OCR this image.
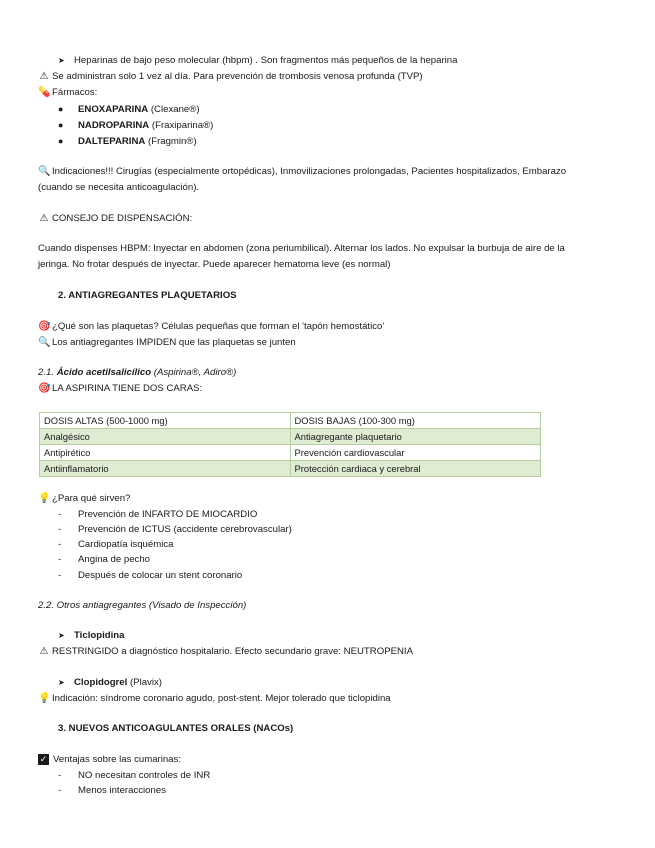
➤ Heparinas de bajo peso molecular (hbpm) . Son fragmentos más pequeños de la heparina
⚠ Se administran solo 1 vez al día. Para prevención de trombosis venosa profunda (TVP)
💊 Fármacos:
● ENOXAPARINA (Clexane®)
● NADROPARINA (Fraxiparina®)
● DALTEPARINA (Fragmin®)
🔍 Indicaciones!!! Cirugías (especialmente ortopédicas), Inmovilizaciones prolongadas, Pacientes hospitalizados, Embarazo
(cuando se necesita anticoagulación).
⚠ CONSEJO DE DISPENSACIÓN:
Cuando dispenses HBPM: Inyectar en abdomen (zona periumbilical). Alternar los lados. No expulsar la burbuja de aire de la
jeringa. No frotar después de inyectar. Puede aparecer hematoma leve (es normal)
2. ANTIAGREGANTES PLAQUETARIOS
🎯 ¿Qué son las plaquetas? Células pequeñas que forman el 'tapón hemostático'
🔍 Los antiagregantes IMPIDEN que las plaquetas se junten
2.1. Ácido acetilsalicílico (Aspirina®, Adiro®)
🎯 LA ASPIRINA TIENE DOS CARAS:
DOSIS ALTAS (500-1000 mg)	DOSIS BAJAS (100-300 mg)
Analgésico	Antiagregante plaquetario
Antipirético	Prevención cardiovascular
Antiinflamatorio	Protección cardiaca y cerebral
💡 ¿Para qué sirven?
- Prevención de INFARTO DE MIOCARDIO
- Prevención de ICTUS (accidente cerebrovascular)
- Cardiopatía isquémica
- Angina de pecho
- Después de colocar un stent coronario
2.2. Otros antiagregantes (Visado de Inspección)
➤ Ticlopidina
⚠ RESTRINGIDO a diagnóstico hospitalario. Efecto secundario grave: NEUTROPENIA
➤ Clopidogrel (Plavix)
💡 Indicación: síndrome coronario agudo, post-stent. Mejor tolerado que ticlopidina
3. NUEVOS ANTICOAGULANTES ORALES (NACOs)
✓ Ventajas sobre las cumarinas:
- NO necesitan controles de INR
- Menos interacciones
